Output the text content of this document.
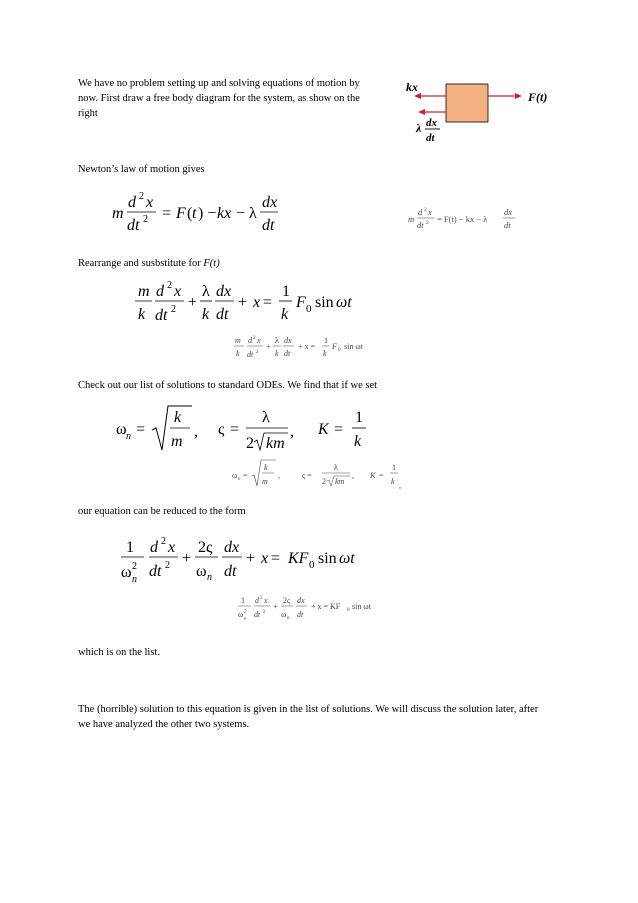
We have no problem setting up and solving equations of motion by now. First draw a free body diagram for the system, as show on the right
Newton’s law of motion gives
Rearrange and susbstitute for F(t)
Check out our list of solutions to standard ODEs. We find that if we set
our equation can be reduced to the form
which is on the list.
The (horrible) solution to this equation is given in the list of solutions. We will discuss the solution later, after we have analyzed the other two systems.
kx
F(t)
λ dx
dt
m
d 2 x
dt 2 = F ( t ) − kx − λ
dx
dt	m
d 2 x
dt 2 = F(t) − kx − λ
dx
dt
m
k
d 2 x
dt 2 +
λ
k
dx
dt
+ x =
1
k
F 0 sin ωt
m
k
d 2 x
dt 2
+
λ
k
dx
dt
+ x =
1
k
F 0 sin ωt
ω n =
k
m
, ς =
λ
2 km
, K =
1
k
ω n =
k
m
,	ς =
λ
2 km
, K =
1
k ,
1
ω 2
n
d 2 x
dt 2 +
2ς
ω n
dx
dt
+ x = KF 0 sin ωt
1
ω 2
n
d 2 x
dt 2
+
2ς
ω n
dx
dt
+ x = KF 0 sin ωt
